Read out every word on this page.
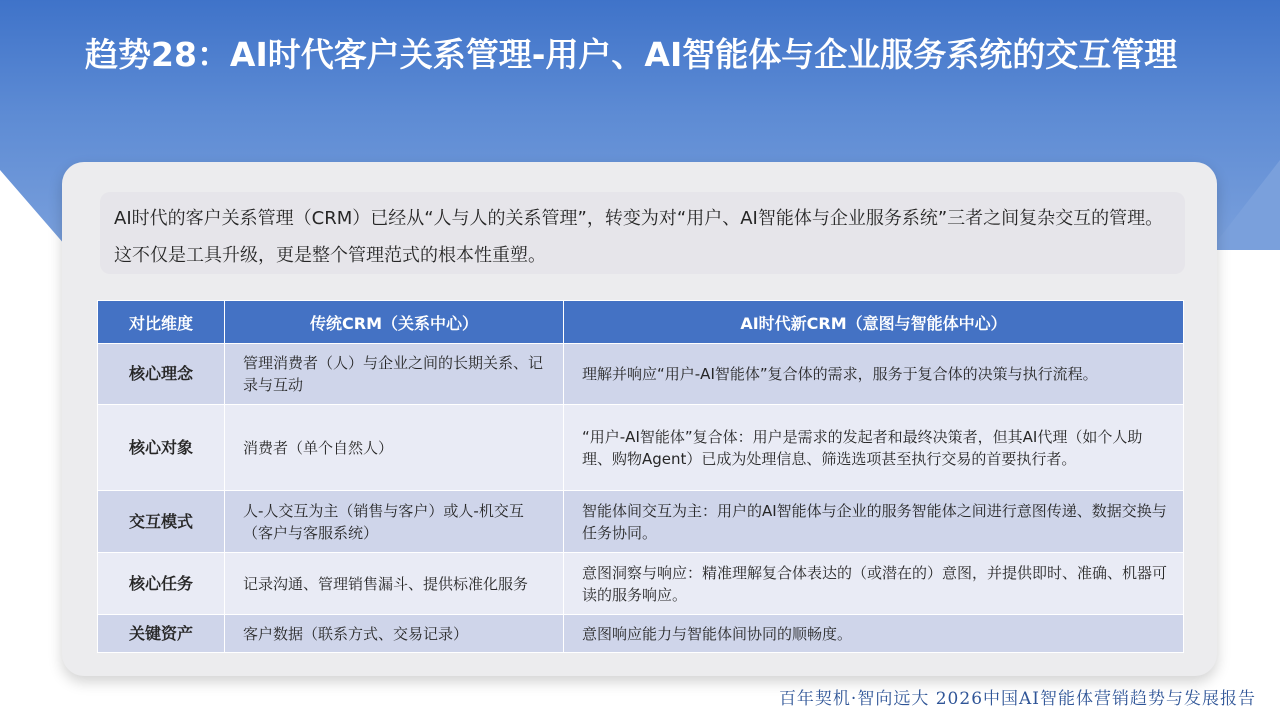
趋势28：AI时代客户关系管理-用户、AI智能体与企业服务系统的交互管理

AI时代的客户关系管理（CRM）已经从“人与人的关系管理”，转变为对“用户、AI智能体与企业服务系统”三者之间复杂交互的管理。这不仅是工具升级，更是整个管理范式的根本性重塑。

对比维度	传统CRM（关系中心）	AI时代新CRM（意图与智能体中心）
核心理念	管理消费者（人）与企业之间的长期关系、记录与互动	理解并响应“用户-AI智能体”复合体的需求，服务于复合体的决策与执行流程。
核心对象	消费者（单个自然人）	“用户-AI智能体”复合体：用户是需求的发起者和最终决策者，但其AI代理（如个人助理、购物Agent）已成为处理信息、筛选选项甚至执行交易的首要执行者。
交互模式	人-人交互为主（销售与客户）或人-机交互（客户与客服系统）	智能体间交互为主：用户的AI智能体与企业的服务智能体之间进行意图传递、数据交换与任务协同。
核心任务	记录沟通、管理销售漏斗、提供标准化服务	意图洞察与响应：精准理解复合体表达的（或潜在的）意图，并提供即时、准确、机器可读的服务响应。
关键资产	客户数据（联系方式、交易记录）	意图响应能力与智能体间协同的顺畅度。
百年契机·智向远大 2026中国AI智能体营销趋势与发展报告
